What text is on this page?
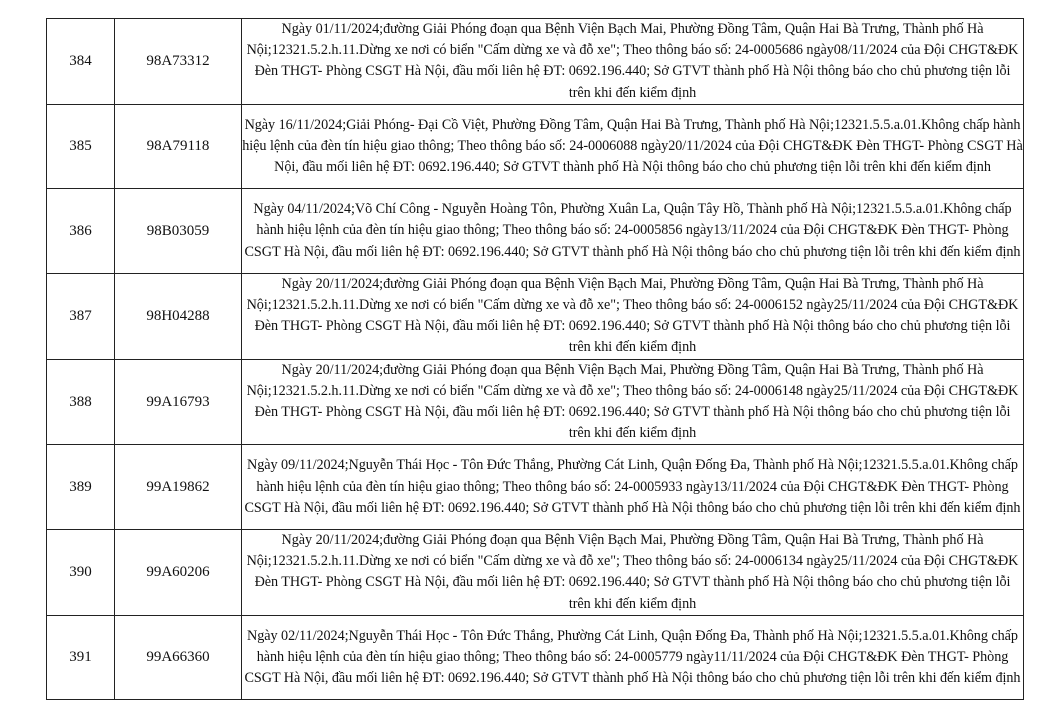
384	98A73312	Ngày 01/11/2024;đường Giải Phóng đoạn qua Bệnh Viện Bạch Mai, Phường Đồng Tâm, Quận Hai Bà Trưng, Thành phố Hà Nội;12321.5.2.h.11.Dừng xe nơi có biển "Cấm dừng xe và đỗ xe"; Theo thông báo số: 24-0005686 ngày08/11/2024 của Đội CHGT&ĐK Đèn THGT- Phòng CSGT Hà Nội, đầu mối liên hệ ĐT: 0692.196.440; Sở GTVT thành phố Hà Nội thông báo cho chủ phương tiện lỗi trên khi đến kiểm định
385	98A79118	Ngày 16/11/2024;Giải Phóng- Đại Cồ Việt, Phường Đồng Tâm, Quận Hai Bà Trưng, Thành phố Hà Nội;12321.5.5.a.01.Không chấp hành hiệu lệnh của đèn tín hiệu giao thông; Theo thông báo số: 24-0006088 ngày20/11/2024 của Đội CHGT&ĐK Đèn THGT- Phòng CSGT Hà Nội, đầu mối liên hệ ĐT: 0692.196.440; Sở GTVT thành phố Hà Nội thông báo cho chủ phương tiện lỗi trên khi đến kiểm định
386	98B03059	Ngày 04/11/2024;Võ Chí Công - Nguyễn Hoàng Tôn, Phường Xuân La, Quận Tây Hồ, Thành phố Hà Nội;12321.5.5.a.01.Không chấp hành hiệu lệnh của đèn tín hiệu giao thông; Theo thông báo số: 24-0005856 ngày13/11/2024 của Đội CHGT&ĐK Đèn THGT- Phòng CSGT Hà Nội, đầu mối liên hệ ĐT: 0692.196.440; Sở GTVT thành phố Hà Nội thông báo cho chủ phương tiện lỗi trên khi đến kiểm định
387	98H04288	Ngày 20/11/2024;đường Giải Phóng đoạn qua Bệnh Viện Bạch Mai, Phường Đồng Tâm, Quận Hai Bà Trưng, Thành phố Hà Nội;12321.5.2.h.11.Dừng xe nơi có biển "Cấm dừng xe và đỗ xe"; Theo thông báo số: 24-0006152 ngày25/11/2024 của Đội CHGT&ĐK Đèn THGT- Phòng CSGT Hà Nội, đầu mối liên hệ ĐT: 0692.196.440; Sở GTVT thành phố Hà Nội thông báo cho chủ phương tiện lỗi trên khi đến kiểm định
388	99A16793	Ngày 20/11/2024;đường Giải Phóng đoạn qua Bệnh Viện Bạch Mai, Phường Đồng Tâm, Quận Hai Bà Trưng, Thành phố Hà Nội;12321.5.2.h.11.Dừng xe nơi có biển "Cấm dừng xe và đỗ xe"; Theo thông báo số: 24-0006148 ngày25/11/2024 của Đội CHGT&ĐK Đèn THGT- Phòng CSGT Hà Nội, đầu mối liên hệ ĐT: 0692.196.440; Sở GTVT thành phố Hà Nội thông báo cho chủ phương tiện lỗi trên khi đến kiểm định
389	99A19862	Ngày 09/11/2024;Nguyễn Thái Học - Tôn Đức Thắng, Phường Cát Linh, Quận Đống Đa, Thành phố Hà Nội;12321.5.5.a.01.Không chấp hành hiệu lệnh của đèn tín hiệu giao thông; Theo thông báo số: 24-0005933 ngày13/11/2024 của Đội CHGT&ĐK Đèn THGT- Phòng CSGT Hà Nội, đầu mối liên hệ ĐT: 0692.196.440; Sở GTVT thành phố Hà Nội thông báo cho chủ phương tiện lỗi trên khi đến kiểm định
390	99A60206	Ngày 20/11/2024;đường Giải Phóng đoạn qua Bệnh Viện Bạch Mai, Phường Đồng Tâm, Quận Hai Bà Trưng, Thành phố Hà Nội;12321.5.2.h.11.Dừng xe nơi có biển "Cấm dừng xe và đỗ xe"; Theo thông báo số: 24-0006134 ngày25/11/2024 của Đội CHGT&ĐK Đèn THGT- Phòng CSGT Hà Nội, đầu mối liên hệ ĐT: 0692.196.440; Sở GTVT thành phố Hà Nội thông báo cho chủ phương tiện lỗi trên khi đến kiểm định
391	99A66360	Ngày 02/11/2024;Nguyễn Thái Học - Tôn Đức Thắng, Phường Cát Linh, Quận Đống Đa, Thành phố Hà Nội;12321.5.5.a.01.Không chấp hành hiệu lệnh của đèn tín hiệu giao thông; Theo thông báo số: 24-0005779 ngày11/11/2024 của Đội CHGT&ĐK Đèn THGT- Phòng CSGT Hà Nội, đầu mối liên hệ ĐT: 0692.196.440; Sở GTVT thành phố Hà Nội thông báo cho chủ phương tiện lỗi trên khi đến kiểm định
